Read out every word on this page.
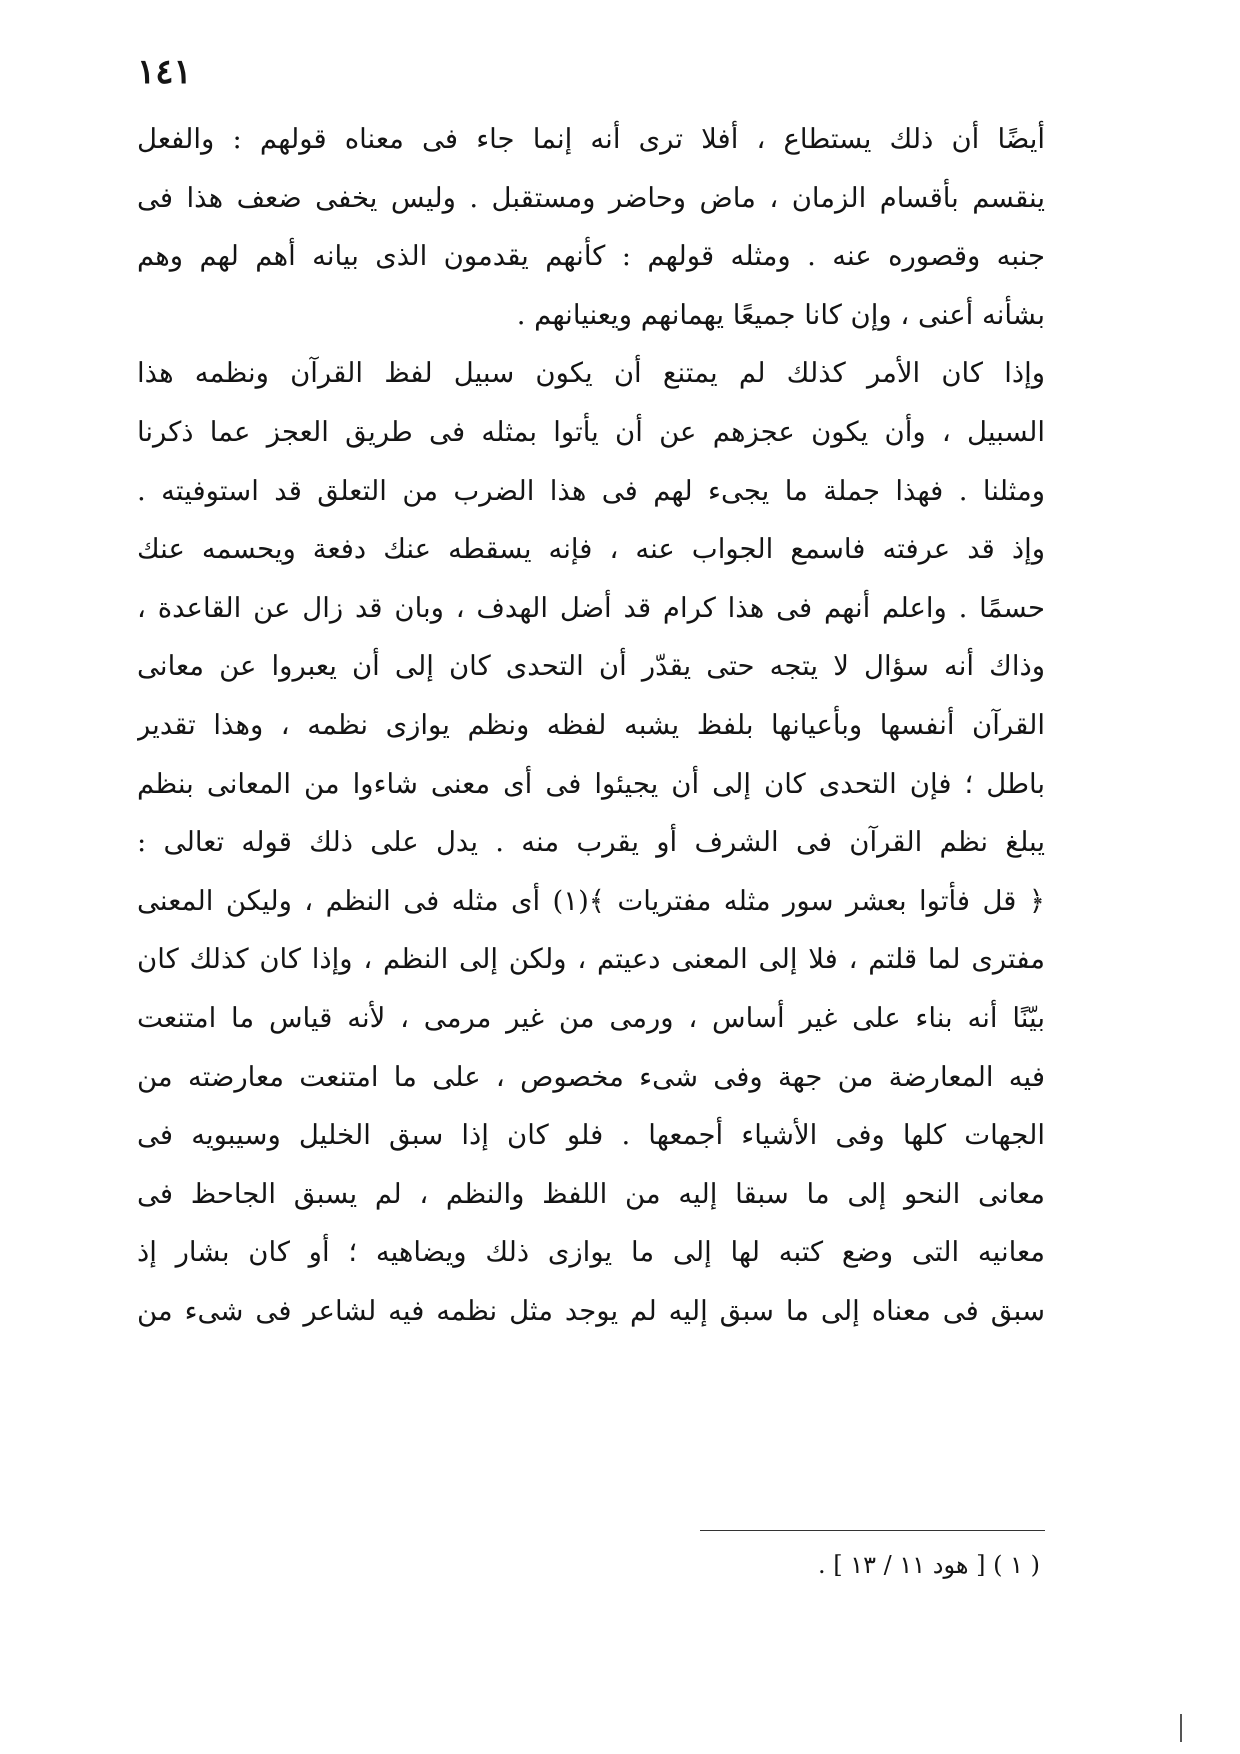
١٤١
أيضًا أن ذلك يستطاع ، أفلا ترى أنه إنما جاء فى معناه قولهم : والفعل
ينقسم بأقسام الزمان ، ماض وحاضر ومستقبل . وليس يخفى ضعف هذا فى
جنبه وقصوره عنه . ومثله قولهم : كأنهم يقدمون الذى بيانه أهم لهم وهم
بشأنه أعنى ، وإن كانا جميعًا يهمانهم ويعنيانهم .
وإذا كان الأمر كذلك لم يمتنع أن يكون سبيل لفظ القرآن ونظمه هذا
السبيل ، وأن يكون عجزهم عن أن يأتوا بمثله فى طريق العجز عما ذكرنا
ومثلنا . فهذا جملة ما يجىء لهم فى هذا الضرب من التعلق قد استوفيته .
وإذ قد عرفته فاسمع الجواب عنه ، فإنه يسقطه عنك دفعة ويحسمه عنك
حسمًا . واعلم أنهم فى هذا كرام قد أضل الهدف ، وبان قد زال عن القاعدة ،
وذاك أنه سؤال لا يتجه حتى يقدّر أن التحدى كان إلى أن يعبروا عن معانى
القرآن أنفسها وبأعيانها بلفظ يشبه لفظه ونظم يوازى نظمه ، وهذا تقدير
باطل ؛ فإن التحدى كان إلى أن يجيئوا فى أى معنى شاءوا من المعانى بنظم
يبلغ نظم القرآن فى الشرف أو يقرب منه . يدل على ذلك قوله تعالى :
﴿ قل فأتوا بعشر سور مثله مفتريات ﴾(١) أى مثله فى النظم ، وليكن المعنى
مفترى لما قلتم ، فلا إلى المعنى دعيتم ، ولكن إلى النظم ، وإذا كان كذلك كان
بيّنًا أنه بناء على غير أساس ، ورمى من غير مرمى ، لأنه قياس ما امتنعت
فيه المعارضة من جهة وفى شىء مخصوص ، على ما امتنعت معارضته من
الجهات كلها وفى الأشياء أجمعها . فلو كان إذا سبق الخليل وسيبويه فى
معانى النحو إلى ما سبقا إليه من اللفظ والنظم ، لم يسبق الجاحظ فى
معانيه التى وضع كتبه لها إلى ما يوازى ذلك ويضاهيه ؛ أو كان بشار إذ
سبق فى معناه إلى ما سبق إليه لم يوجد مثل نظمه فيه لشاعر فى شىء من
( ١ ) [ هود ١١ / ١٣ ] .
